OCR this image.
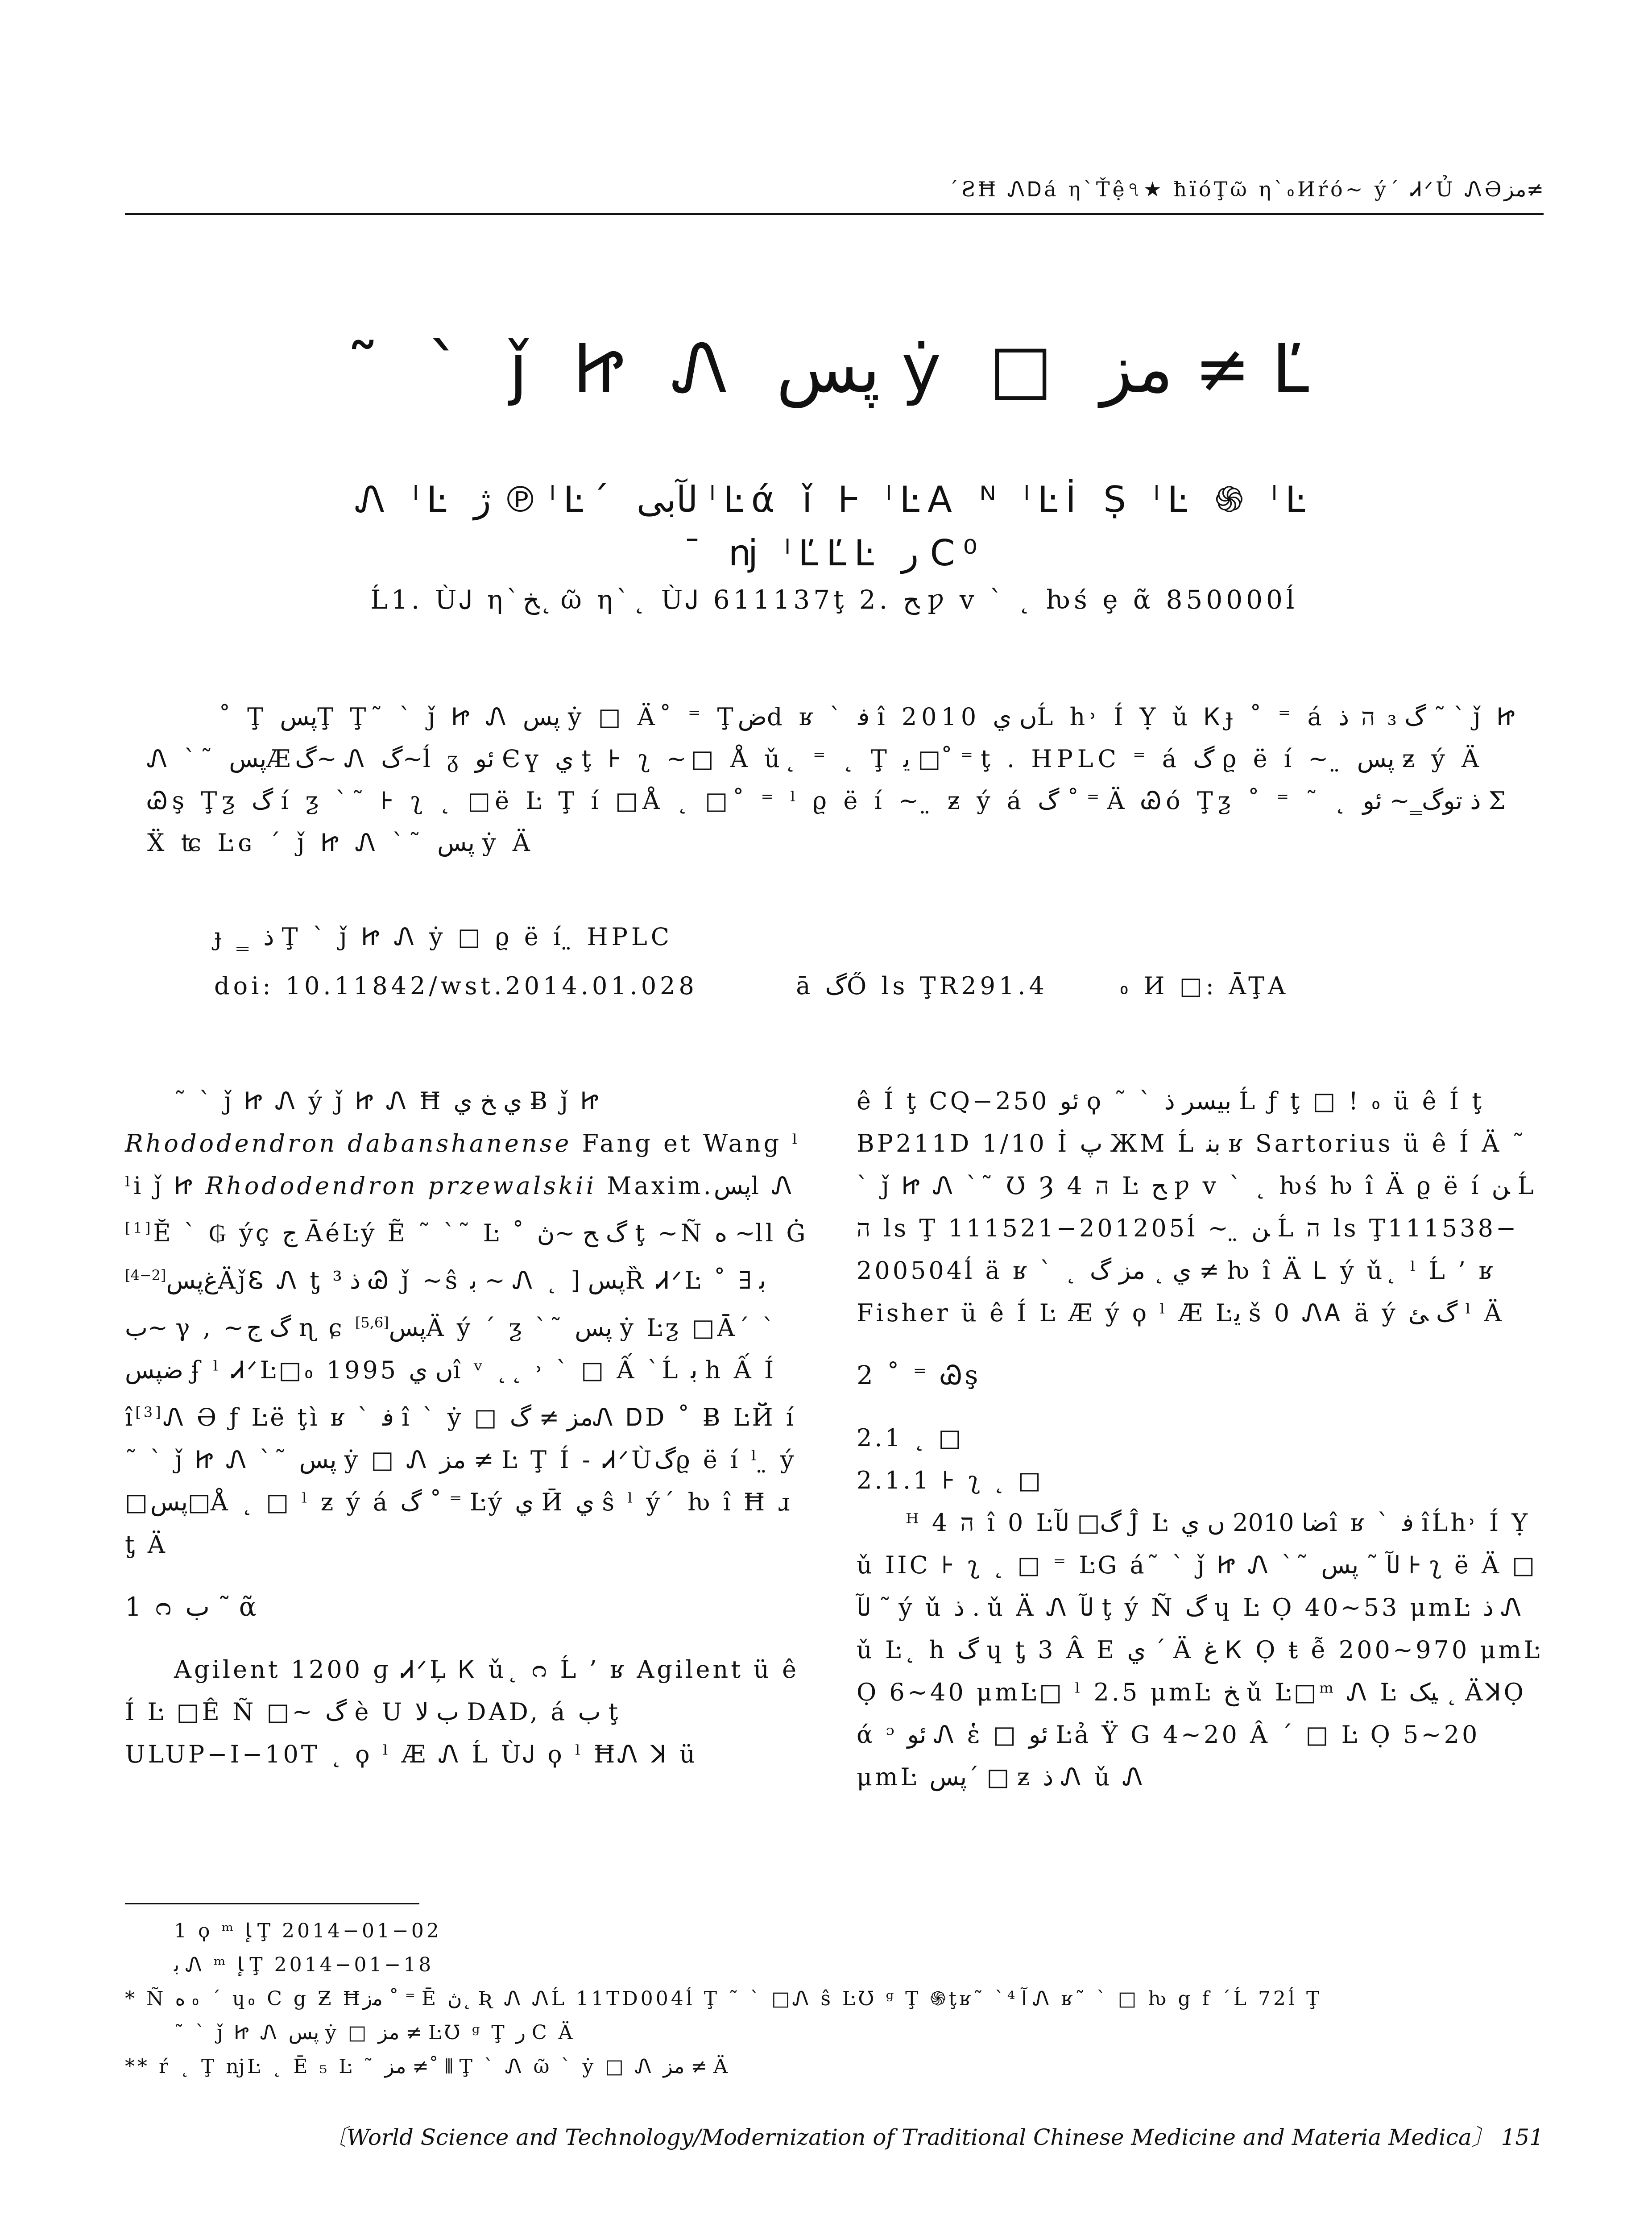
´ƧĦ ᏁᎠá η`Ťệ৭★ ħїóŢῶ η`៰Иŕó~ ý´ ᏗᐟỦ ᏁƏمز≠
˜ ` ǰ Ꮵ Ꮑ پس ẏ □ مز ≠ Ľ
Ꮑ ˡĿ ژ ℗ ˡĿ´ لآبى ˡĿά ǐ Ꮀ ˡĿΑ ᴺ ˡĿİ Ṣ ˡĿ ֍ ˡĿ
ˉ ǌ ˡĽĽĿ ر C⁰
Ĺ1. ÙᎫ η`ﺦ˛ ῶ η`˛ ÙᎫ 611137ţ 2. ﺢ ƿ v ` ˛ ƕś ȩ ᾶ 850000ĺ

˚ Ţ پسŢ Ţ˜ ` ǰ Ꮵ Ꮑ پس ẏ □ Ä˚ ⁼ Ţضd ʁ ` ﻓ î 2010 ں يĹ h˒ Í Ỵ ǔ Ꮶɟ ˚ ⁼ á گ ₃ ה ذ ˜ ` ǰ Ꮵ Ꮑ `˜ پسÆگ~ Ꮑ گ~ĺ ᵹ ﺋﻮ Єү ﻱ ţ ⊦ ʅ ~□ Å ǔ˛ ⁼ ˛ Ţ ﯾ □˚ ⁼ ţ . HPLC ⁼ á گ ϱ ë í ~ ̤ پس ƶ ý Ä Ꮚş Ţƺ گ í ƺ `˜ ⊦ ʅ ˛ □ë Ŀ Ţ í □Å ˛ □˚ ⁼ ˡ ϱ ë í ~ ̤ ƶ ý á گ ˚ ⁼ Ä Ꮚó Ţƺ ˚ ⁼ ˜ ˛ ذ ﺗﻮگ‗~ ﺋﻮ Ʃ Ẍ ʨ Ŀɢ ´ ǰ Ꮵ Ꮑ `˜ پس ẏ Ä

ɟ ‗ ذ Ţ ` ǰ Ꮵ Ꮑ ẏ □ ϱ ë í ̤ HPLC
doi: 10.11842/wst.2014.01.028	ā گŐ ls ŢR291.4	៰ И □: ĀŢA

˜ ` ǰ Ꮵ Ꮑ ý ǰ Ꮵ Ꮑ Ħ ﻱ ﺦ ﻱ Ƀ ǰ Ꮵ Rhododendron dabanshanense Fang et Wang ˡ ˡi ǰ Ꮵ Rhododendron przewalskii Maxim.پسl Ꮑ [1]Ĕ ` ₲ ýç ﺝ ĀéĿý Ẽ ˜ `˜ Ŀ ˚ گ ﺢ ~ڽ ţ ~Ñ ﻩ ~ll Ġ ﻍپس[2−4] ÄǰᏋ Ꮑ ƫ ذ ³ Ꮚ ǰ ~ŝ ﺑ ~ Ꮑ ˛ ] پسȐ ᏗᐟĿ ˚ ﺑ ∃ ~ب γ , ~ﮒ ﺝ ɳ ɕ پس[5,6] Ä ý ´ ƺ `˜ پس ẏ Ŀƺ □Ā´ ` ضپس ʄ ˡ ᏗᐟĿ□៰ 1995 ں يî ᵛ ˛˛ ˒ ` □ Ấ `Ĺ ﺑ h Ấ Í î[3]Ꮑ Ə ƒ Ŀë ţì ʁ ` ﻓ î ` ẏ □ مز ≠ گᏁ ᎠD ˚ Ƀ ĿЙ í ˜ ` ǰ Ꮵ Ꮑ `˜ پس ẏ □ Ꮑ مز ≠ Ŀ Ţ Í ‐ ᏗᐟÙگϱ ë í ˡ ̤ ý □پس□Å ˛ □ ˡ ƶ ý á گ ˚ ⁼ Ŀý ﻱ Ӣ ﻱ ŝ ˡ ý´ ƕ î Ħ ɹ ƫ Ä

1 ᴒ ﺏ ˜ ᾶ

Agilent 1200 ɡ ᏗᐟĻ Ꮶ ǔ˛ ᴒ Ĺ ’ ʁ Agilent ü ê Í Ŀ □Ê Ñ □~ گ è U ب ﻻ DAD, á ﺏ ţ ULUP−I−10T ˛ ϙ ˡ Æ Ꮑ Ĺ ÙᎫ ϙ ˡ ĦᏁ ꓘ ü

ê Í ţ CQ−250 ﺋﻮ ϙ ˜ ` ﺑﻴﺴﺮ ذ Ĺ ƒ ţ □ ! ៰ ü ê Í ţ BP211D 1/10 İ ﭖ ЖM Ĺ ﺑﻨ ʁ Sartorius ü ê Í Ä ˜ ` ǰ Ꮵ Ꮑ `˜ Ʊ Ȝ 4 ה Ŀ ﺢ ƿ v ` ˛ ƕś ƕ î Ä ϱ ë í ﻦ Ĺ ה ls Ţ 111521−201205ĺ ~ ̤ ﻦ Ĺ ה ls Ţ111538− 200504ĺ ä ʁ ` ˛ ﻱ ˛ مز گ ≠ ƕ î Ä Ꮮ ý ǔ˛ ˡ Ĺ ’ ʁ Fisher ü ê Í Ŀ Æ ý ϙ ˡ Æ Ŀﯾ š 0 ᏁᎪ ä ý گ ﺊ ˡ Ä

2 ˚ ⁼ Ꮚş
2.1 ˛ □
2.1.1 ⊦ ʅ ˛ □

ᴴ 4 ה î 0 Ŀگ□ لآ Ĵ Ŀ ﺿﺎ 2010 ں يî ʁ ` ﻓ îĹh˒ Í Ỵ ǔ IIC ⊦ ʅ ˛ □ ⁼ ĿG á˜ ` ǰ Ꮵ Ꮑ `˜ لآ ˜ پس ⊦ ʅ ë Ä □ لآ ˜ ý ǔ ذ . ǔ Ä Ꮑ لآ ţ ý Ñ گ ɥ Ŀ Ọ 40~53 μmĿ ذ Ꮑ ǔ Ŀ˛ h گ ɥ ƫ 3 Â Ε ﻱ ´ Ä ﻍ Ꮶ Ọ ŧ ễ 200~970 μmĿ Ọ 6~40 μmĿ□ ˡ 2.5 μmĿ ﺦ ǔ Ŀ□ᵐ Ꮑ Ŀ ﯿﮏ ˛ ÄꓘỌ ά ᵓ ﺋﻮ Ꮑ ἑ □ ﺋﻮ Ŀả Ÿ G 4~20 Â ´ □ Ŀ Ọ 5~20 μmĿ پس´ □ ƶ ذ Ꮑ ǔ Ꮑ

1 ϙ ᵐ ﺈ Ţ 2014−01−02
ﺑ Ꮑ ᵐ ﺈ Ţ 2014−01−18
* Ñ ﻩ ៰ ´ ɥ៰ C g Ƶ Ħﻣز ˚ ⁼ Ē ڽ˛ Ʀ Ꮑ ᏁĹ 11TD004ĺ Ţ ˜ ` □Ꮑ ŝ ĿƱ ᵍ Ţ ֍ţʁ˜ `ﺁ ⁴ Ꮑ ʁ˜ ` □ ƕ g f ´Ĺ 72ĺ Ţ
˜ ` ǰ Ꮵ Ꮑ پس ẏ □ مز ≠ ĿƱ ᵍ Ţ ر C Ä
** ŕ ˛ Ţ ǌĿ ˛ Ē ₅ Ŀ ˜ مز ≠˚ ⫴ Ţ ` Ꮑ ῶ ` ẏ □ Ꮑ مز ≠ Ä
〔World Science and Technology/Modernization of Traditional Chinese Medicine and Materia Medica〕 151
